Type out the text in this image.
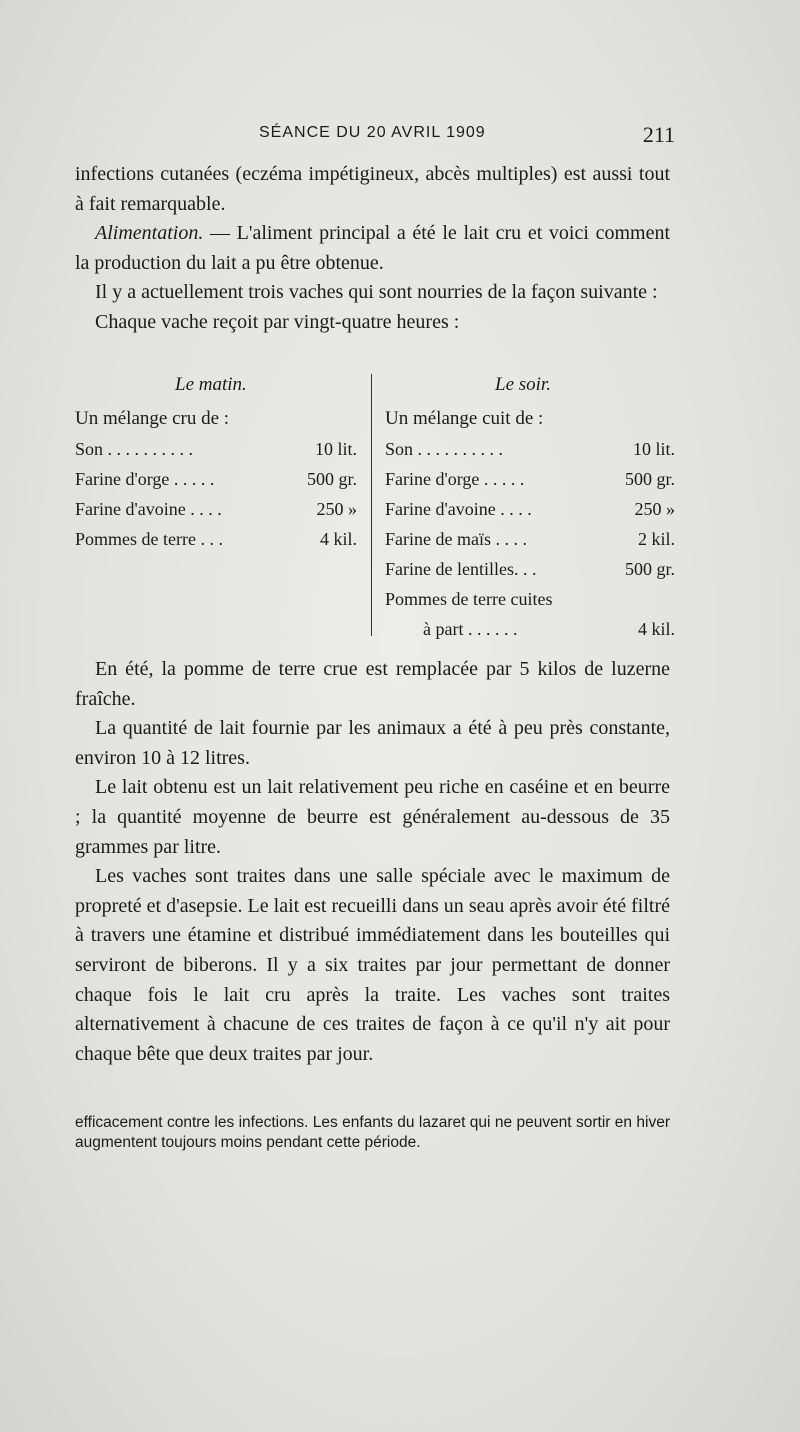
SÉANCE DU 20 AVRIL 1909	211

infections cutanées (eczéma impétigineux, abcès multiples) est aussi tout à fait remarquable.

Alimentation. — L'aliment principal a été le lait cru et voici comment la production du lait a pu être obtenue.

Il y a actuellement trois vaches qui sont nourries de la façon suivante :

Chaque vache reçoit par vingt-quatre heures :

Le matin.
Un mélange cru de :
Son . . . . . . . . . .	10 lit.
Farine d'orge . . . . .	500 gr.
Farine d'avoine . . . .	250 »
Pommes de terre . . .	4 kil.
Le soir.
Un mélange cuit de :
Son . . . . . . . . . .	10 lit.
Farine d'orge . . . . .	500 gr.
Farine d'avoine . . . .	250 »
Farine de maïs . . . .	2 kil.
Farine de lentilles. . .	500 gr.
Pommes de terre cuites
à part . . . . . .	4 kil.

En été, la pomme de terre crue est remplacée par 5 kilos de luzerne fraîche.

La quantité de lait fournie par les animaux a été à peu près constante, environ 10 à 12 litres.

Le lait obtenu est un lait relativement peu riche en caséine et en beurre ; la quantité moyenne de beurre est généralement au-dessous de 35 grammes par litre.

Les vaches sont traites dans une salle spéciale avec le maximum de propreté et d'asepsie. Le lait est recueilli dans un seau après avoir été filtré à travers une étamine et distribué immédiatement dans les bouteilles qui serviront de biberons. Il y a six traites par jour permettant de donner chaque fois le lait cru après la traite. Les vaches sont traites alternativement à chacune de ces traites de façon à ce qu'il n'y ait pour chaque bête que deux traites par jour.

efficacement contre les infections. Les enfants du lazaret qui ne peuvent sortir en hiver augmentent toujours moins pendant cette période.
